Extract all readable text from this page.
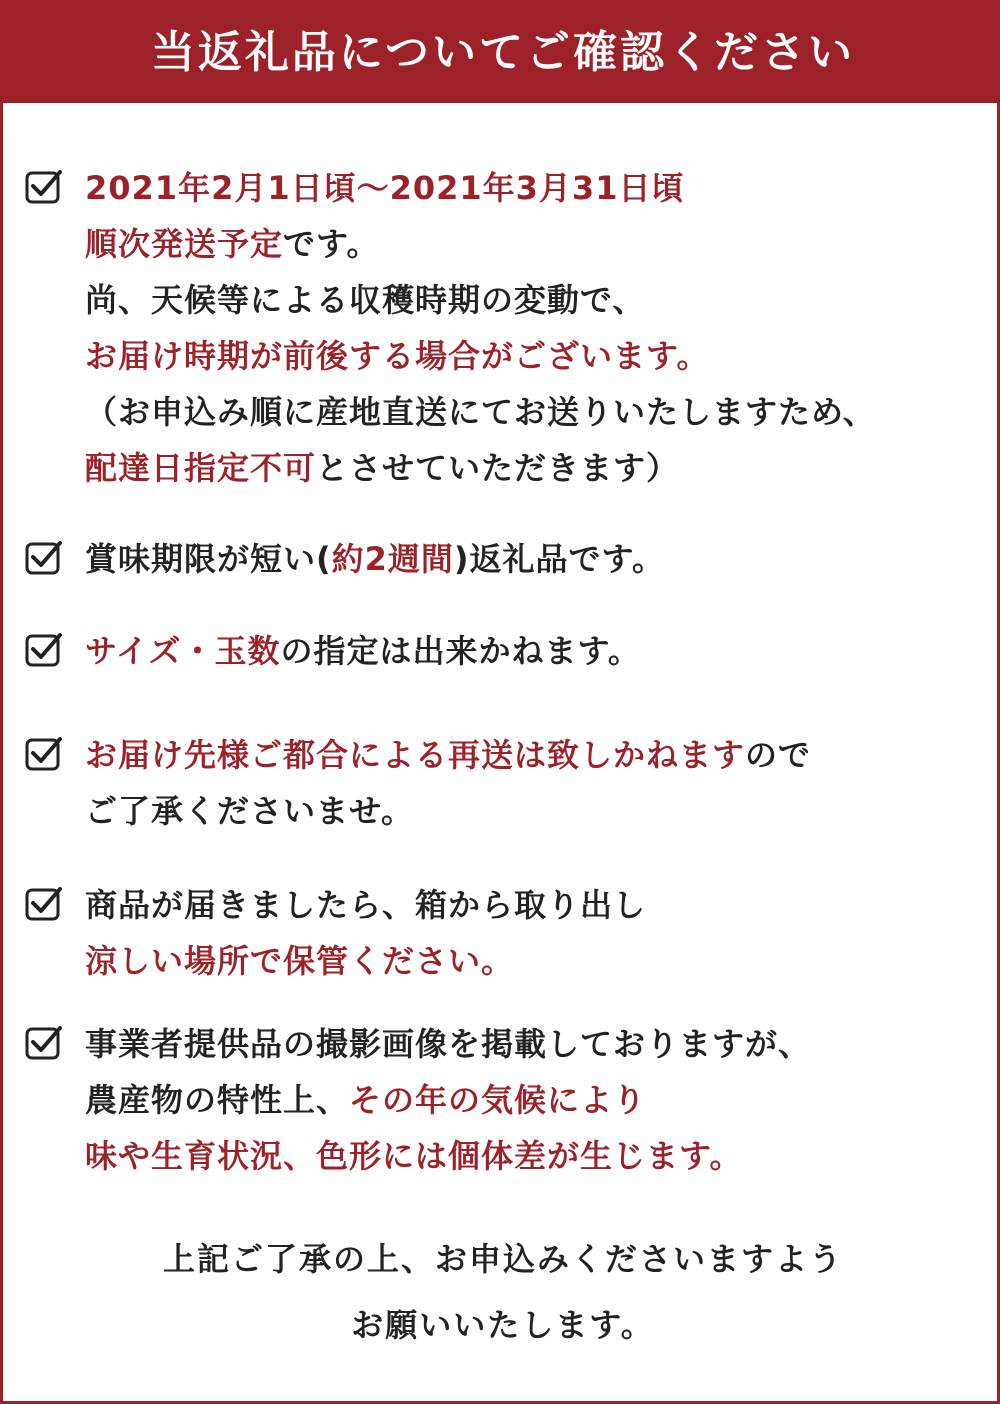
当返礼品についてご確認ください
2021年2月1日頃～2021年3月31日頃
順次発送予定です。
尚、天候等による収穫時期の変動で、
お届け時期が前後する場合がございます。
（お申込み順に産地直送にてお送りいたしますため、
配達日指定不可とさせていただきます）
賞味期限が短い(約2週間)返礼品です。
サイズ・玉数の指定は出来かねます。
お届け先様ご都合による再送は致しかねますので
ご了承くださいませ。
商品が届きましたら、箱から取り出し
涼しい場所で保管ください。
事業者提供品の撮影画像を掲載しておりますが、
農産物の特性上、その年の気候により
味や生育状況、色形には個体差が生じます。
上記ご了承の上、お申込みくださいますよう
お願いいたします。
